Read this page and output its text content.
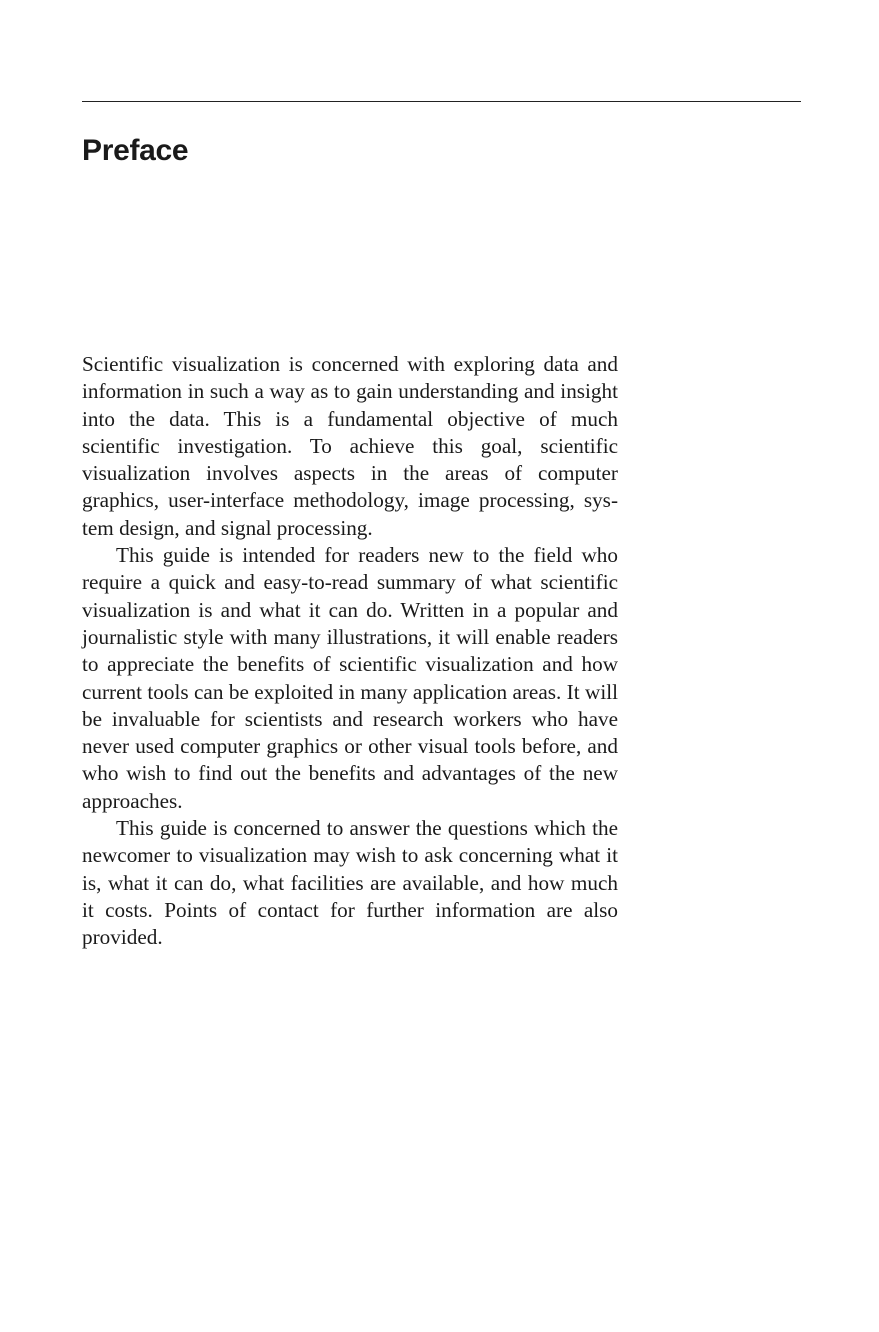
Preface

Scientific visualization is concerned with exploring data and information in such a way as to gain understanding and insight into the data. This is a fundamental objective of much scientific investigation. To achieve this goal, scientific visualization involves aspects in the areas of computer graphics, user-interface methodology, image processing, system design, and signal processing.

This guide is intended for readers new to the field who require a quick and easy-to-read summary of what scientific visualization is and what it can do. Written in a popular and journalistic style with many illustrations, it will enable readers to appreciate the benefits of scientific visualization and how current tools can be exploited in many application areas. It will be invaluable for scientists and research workers who have never used computer graphics or other visual tools before, and who wish to find out the benefits and advantages of the new approaches.

This guide is concerned to answer the questions which the newcomer to visualization may wish to ask concerning what it is, what it can do, what facilities are available, and how much it costs. Points of contact for further information are also provided.
